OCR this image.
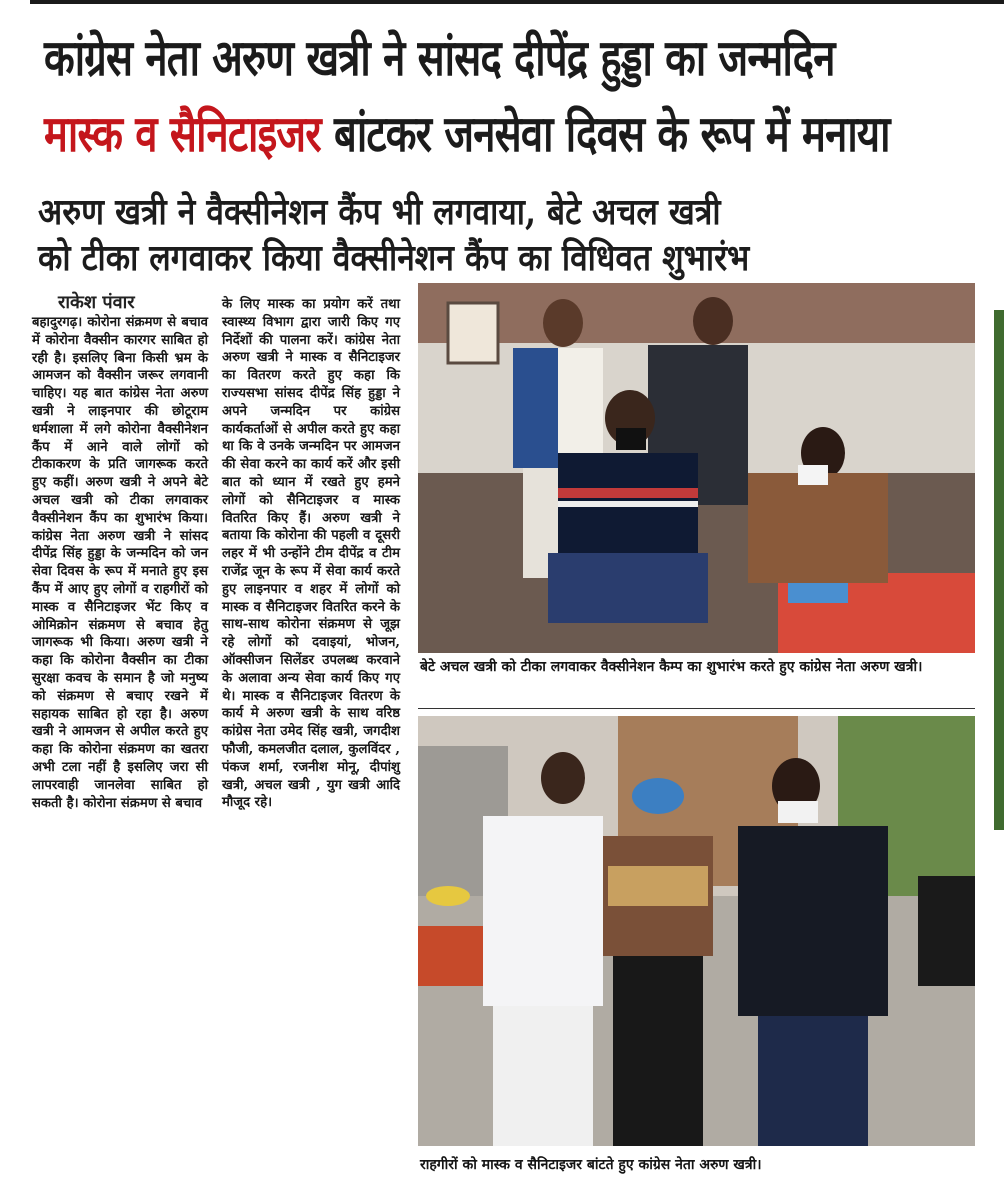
कांग्रेस नेता अरुण खत्री ने सांसद दीपेंद्र हुड्डा का जन्मदिन
मास्क व सैनिटाइजर बांटकर जनसेवा दिवस के रूप में मनाया
अरुण खत्री ने वैक्सीनेशन कैंप भी लगवाया, बेटे अचल खत्री
को टीका लगवाकर किया वैक्सीनेशन कैंप का विधिवत शुभारंभ
राकेश पंवार
बहादुरगढ़। कोरोना संक्रमण से बचाव में कोरोना वैक्सीन कारगर साबित हो रही है। इसलिए बिना किसी भ्रम के आमजन को वैक्सीन जरूर लगवानी चाहिए। यह बात कांग्रेस नेता अरुण खत्री ने लाइनपार की छोटूराम धर्मशाला में लगे कोरोना वैक्सीनेशन कैंप में आने वाले लोगों को टीकाकरण के प्रति जागरूक करते हुए कहीं। अरुण खत्री ने अपने बेटे अचल खत्री को टीका लगवाकर वैक्सीनेशन कैंप का शुभारंभ किया। कांग्रेस नेता अरुण खत्री ने सांसद दीपेंद्र सिंह हुड्डा के जन्मदिन को जन सेवा दिवस के रूप में मनाते हुए इस कैंप में आए हुए लोगों व राहगीरों को मास्क व सैनिटाइजर भेंट किए व ओमिक्रोन संक्रमण से बचाव हेतु जागरूक भी किया। अरुण खत्री ने कहा कि कोरोना वैक्सीन का टीका सुरक्षा कवच के समान है जो मनुष्य को संक्रमण से बचाए रखने में सहायक साबित हो रहा है। अरुण खत्री ने आमजन से अपील करते हुए कहा कि कोरोना संक्रमण का खतरा अभी टला नहीं है इसलिए जरा सी लापरवाही जानलेवा साबित हो सकती है। कोरोना संक्रमण से बचाव
के लिए मास्क का प्रयोग करें तथा स्वास्थ्य विभाग द्वारा जारी किए गए निर्देशों की पालना करें। कांग्रेस नेता अरुण खत्री ने मास्क व सैनिटाइजर का वितरण करते हुए कहा कि राज्यसभा सांसद दीपेंद्र सिंह हुड्डा ने अपने जन्मदिन पर कांग्रेस कार्यकर्ताओं से अपील करते हुए कहा था कि वे उनके जन्मदिन पर आमजन की सेवा करने का कार्य करें और इसी बात को ध्यान में रखते हुए हमने लोगों को सैनिटाइजर व मास्क वितरित किए हैं। अरुण खत्री ने बताया कि कोरोना की पहली व दूसरी लहर में भी उन्होंने टीम दीपेंद्र व टीम राजेंद्र जून के रूप में सेवा कार्य करते हुए लाइनपार व शहर में लोगों को मास्क व सैनिटाइजर वितरित करने के साथ-साथ कोरोना संक्रमण से जूझ रहे लोगों को दवाइयां, भोजन, ऑक्सीजन सिलेंडर उपलब्ध करवाने के अलावा अन्य सेवा कार्य किए गए थे। मास्क व सैनिटाइजर वितरण के कार्य मे अरुण खत्री के साथ वरिष्ठ कांग्रेस नेता उमेद सिंह खत्री, जगदीश फौजी, कमलजीत दलाल, कुलविंदर , पंकज शर्मा, रजनीश मोनू, दीपांशु खत्री, अचल खत्री , युग खत्री आदि मौजूद रहे।
बेटे अचल खत्री को टीका लगवाकर वैक्सीनेशन कैम्प का शुभारंभ करते हुए कांग्रेस नेता अरुण खत्री।
राहगीरों को मास्क व सैनिटाइजर बांटते हुए कांग्रेस नेता अरुण खत्री।
